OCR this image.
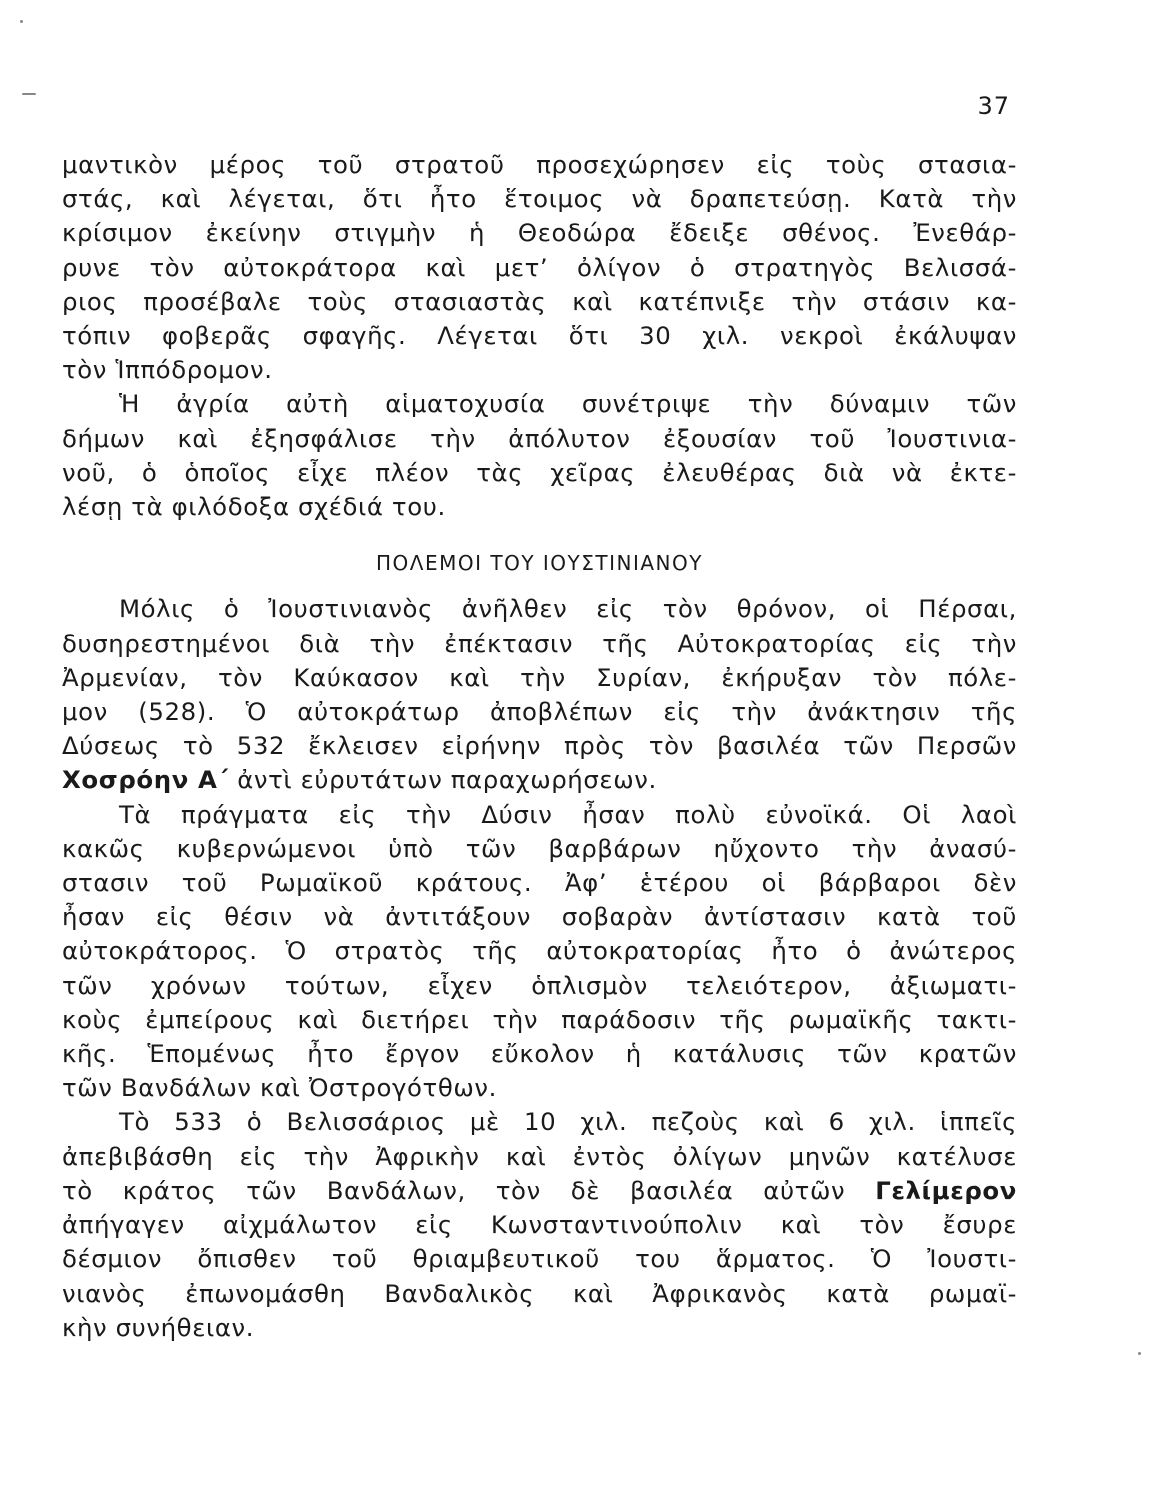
37
μαντικὸν μέρος τοῦ στρατοῦ προσεχώρησεν εἰς τοὺς στασια-
στάς, καὶ λέγεται, ὅτι ἦτο ἕτοιμος νὰ δραπετεύσῃ. Κατὰ τὴν
κρίσιμον ἐκείνην στιγμὴν ἡ Θεοδώρα ἔδειξε σθένος. Ἐνεθάρ-
ρυνε τὸν αὐτοκράτορα καὶ μετʼ ὀλίγον ὁ στρατηγὸς Βελισσά-
ριος προσέβαλε τοὺς στασιαστὰς καὶ κατέπνιξε τὴν στάσιν κα-
τόπιν φοβερᾶς σφαγῆς. Λέγεται ὅτι 30 χιλ. νεκροὶ ἐκάλυψαν
τὸν Ἱππόδρομον.
Ἡ ἀγρία αὐτὴ αἱματοχυσία συνέτριψε τὴν δύναμιν τῶν
δήμων καὶ ἐξησφάλισε τὴν ἀπόλυτον ἐξουσίαν τοῦ Ἰουστινια-
νοῦ, ὁ ὁποῖος εἶχε πλέον τὰς χεῖρας ἐλευθέρας διὰ νὰ ἐκτε-
λέσῃ τὰ φιλόδοξα σχέδιά του.
ΠΟΛΕΜΟΙ ΤΟΥ ΙΟΥΣΤΙΝΙΑΝΟΥ
Μόλις ὁ Ἰουστινιανὸς ἀνῆλθεν εἰς τὸν θρόνον, οἱ Πέρσαι,
δυσηρεστημένοι διὰ τὴν ἐπέκτασιν τῆς Αὐτοκρατορίας εἰς τὴν
Ἀρμενίαν, τὸν Καύκασον καὶ τὴν Συρίαν, ἐκήρυξαν τὸν πόλε-
μον (528). Ὁ αὐτοκράτωρ ἀποβλέπων εἰς τὴν ἀνάκτησιν τῆς
Δύσεως τὸ 532 ἔκλεισεν εἰρήνην πρὸς τὸν βασιλέα τῶν Περσῶν
Χοσρόην Α΄ ἀντὶ εὐρυτάτων παραχωρήσεων.
Τὰ πράγματα εἰς τὴν Δύσιν ἦσαν πολὺ εὐνοϊκά. Οἱ λαοὶ
κακῶς κυβερνώμενοι ὑπὸ τῶν βαρβάρων ηὔχοντο τὴν ἀνασύ-
στασιν τοῦ Ρωμαϊκοῦ κράτους. Ἀφʼ ἑτέρου οἱ βάρβαροι δὲν
ἦσαν εἰς θέσιν νὰ ἀντιτάξουν σοβαρὰν ἀντίστασιν κατὰ τοῦ
αὐτοκράτορος. Ὁ στρατὸς τῆς αὐτοκρατορίας ἦτο ὁ ἀνώτερος
τῶν χρόνων τούτων, εἶχεν ὁπλισμὸν τελειότερον, ἀξιωματι-
κοὺς ἐμπείρους καὶ διετήρει τὴν παράδοσιν τῆς ρωμαϊκῆς τακτι-
κῆς. Ἑπομένως ἦτο ἔργον εὔκολον ἡ κατάλυσις τῶν κρατῶν
τῶν Βανδάλων καὶ Ὀστρογότθων.
Τὸ 533 ὁ Βελισσάριος μὲ 10 χιλ. πεζοὺς καὶ 6 χιλ. ἱππεῖς
ἀπεβιβάσθη εἰς τὴν Ἀφρικὴν καὶ ἐντὸς ὀλίγων μηνῶν κατέλυσε
τὸ κράτος τῶν Βανδάλων, τὸν δὲ βασιλέα αὐτῶν Γελίμερον
ἀπήγαγεν αἰχμάλωτον εἰς Κωνσταντινούπολιν καὶ τὸν ἔσυρε
δέσμιον ὄπισθεν τοῦ θριαμβευτικοῦ του ἅρματος. Ὁ Ἰουστι-
νιανὸς ἐπωνομάσθη Βανδαλικὸς καὶ Ἀφρικανὸς κατὰ ρωμαϊ-
κὴν συνήθειαν.
